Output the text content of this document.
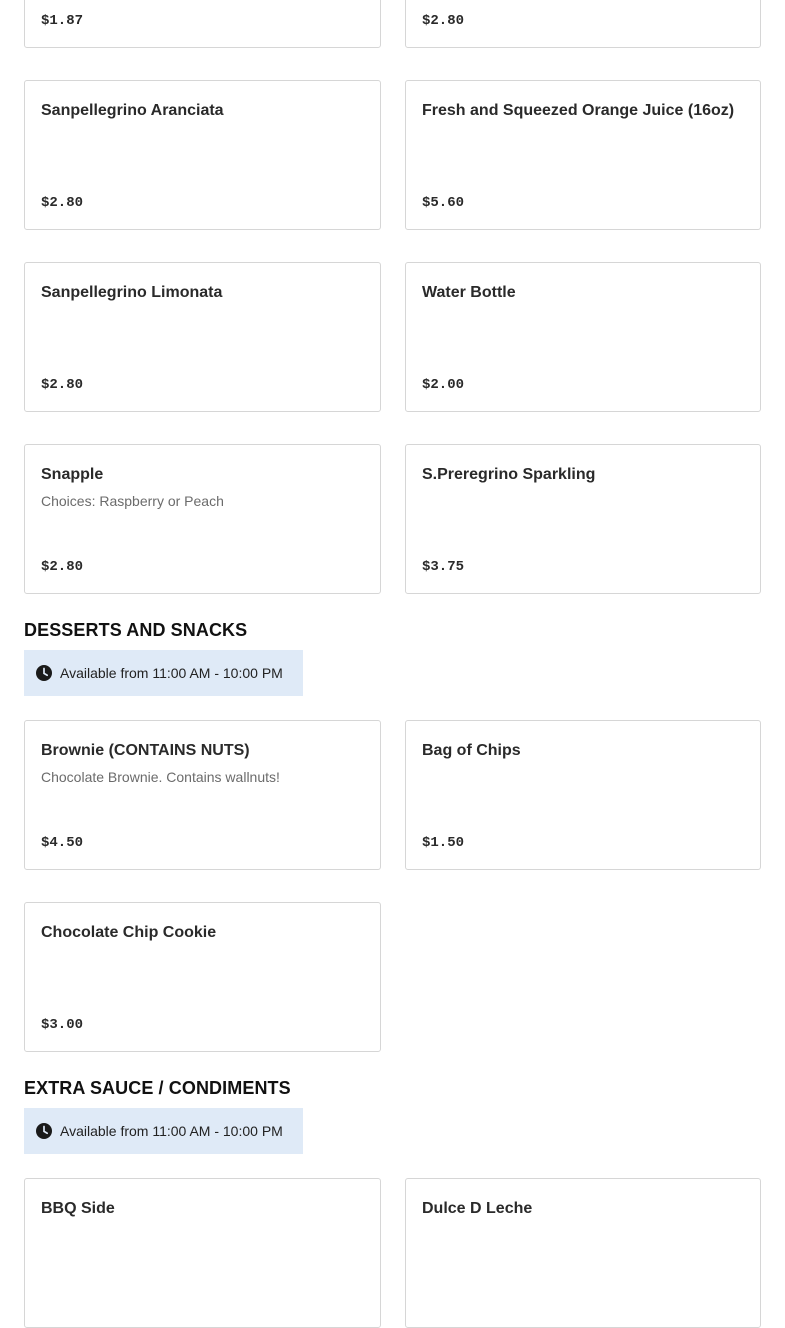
$1.87	$2.80
Sanpellegrino Aranciata
$2.80
Fresh and Squeezed Orange Juice (16oz)
$5.60
Sanpellegrino Limonata
$2.80
Water Bottle
$2.00
Snapple
Choices: Raspberry or Peach
$2.80
S.Preregrino Sparkling
$3.75
DESSERTS AND SNACKS
Available from 11:00 AM - 10:00 PM
Brownie (CONTAINS NUTS)
Chocolate Brownie. Contains wallnuts!
$4.50
Bag of Chips
$1.50
Chocolate Chip Cookie
$3.00
EXTRA SAUCE / CONDIMENTS
Available from 11:00 AM - 10:00 PM
BBQ Side	Dulce D Leche
